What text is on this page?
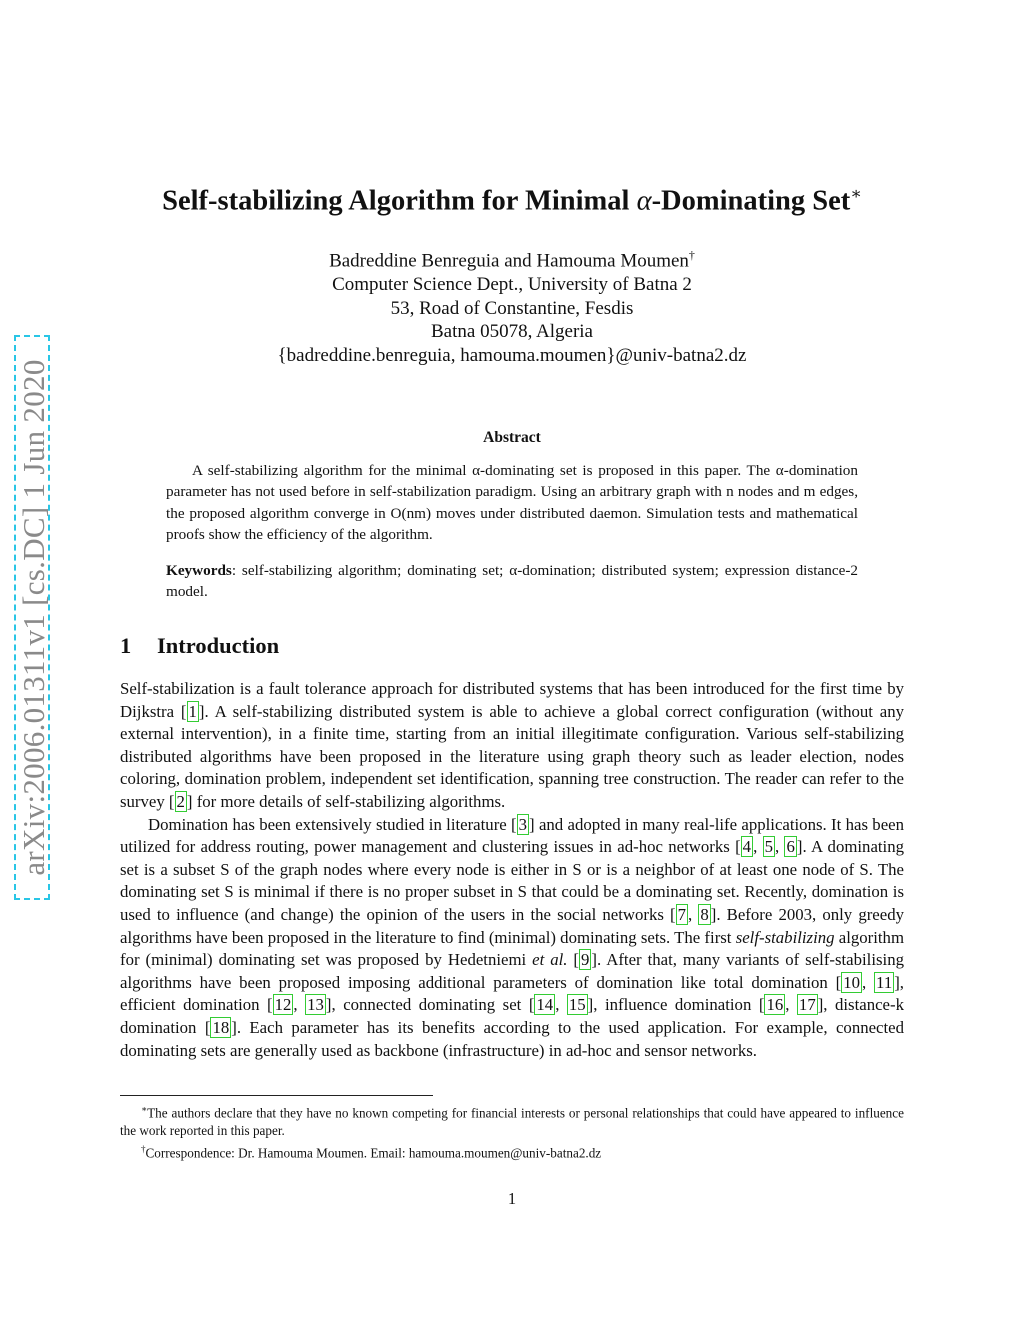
arXiv:2006.01311v1 [cs.DC] 1 Jun 2020
Self-stabilizing Algorithm for Minimal α-Dominating Set∗
Badreddine Benreguia and Hamouma Moumen†
Computer Science Dept., University of Batna 2
53, Road of Constantine, Fesdis
Batna 05078, Algeria
{badreddine.benreguia, hamouma.moumen}@univ-batna2.dz
Abstract

A self-stabilizing algorithm for the minimal α-dominating set is proposed in this paper. The α-domination parameter has not used before in self-stabilization paradigm. Using an arbitrary graph with n nodes and m edges, the proposed algorithm converge in O(nm) moves under distributed daemon. Simulation tests and mathematical proofs show the efficiency of the algorithm.

Keywords: self-stabilizing algorithm; dominating set; α-domination; distributed system; expression distance-2 model.
1 Introduction

Self-stabilization is a fault tolerance approach for distributed systems that has been introduced for the first time by Dijkstra [ 1 ]. A self-stabilizing distributed system is able to achieve a global correct configuration (without any external intervention), in a finite time, starting from an initial illegitimate configuration. Various self-stabilizing distributed algorithms have been proposed in the literature using graph theory such as leader election, nodes coloring, domination problem, independent set identification, spanning tree construction. The reader can refer to the survey [ 2 ] for more details of self-stabilizing algorithms.

Domination has been extensively studied in literature [ 3 ] and adopted in many real-life applications. It has been utilized for address routing, power management and clustering issues in ad-hoc networks [ 4 , 5 , 6 ]. A dominating set is a subset S of the graph nodes where every node is either in S or is a neighbor of at least one node of S. The dominating set S is minimal if there is no proper subset in S that could be a dominating set. Recently, domination is used to influence (and change) the opinion of the users in the social networks [ 7 , 8 ]. Before 2003, only greedy algorithms have been proposed in the literature to find (minimal) dominating sets. The first self-stabilizing algorithm for (minimal) dominating set was proposed by Hedetniemi et al. [ 9 ]. After that, many variants of self-stabilising algorithms have been proposed imposing additional parameters of domination like total domination [ 10 , 11 ], efficient domination [ 12 , 13 ], connected dominating set [ 14 , 15 ], influence domination [ 16 , 17 ], distance-k domination [ 18 ]. Each parameter has its benefits according to the used application. For example, connected dominating sets are generally used as backbone (infrastructure) in ad-hoc and sensor networks.

∗The authors declare that they have no known competing for financial interests or personal relationships that could have appeared to influence the work reported in this paper.

†Correspondence: Dr. Hamouma Moumen. Email: hamouma.moumen@univ-batna2.dz

1
